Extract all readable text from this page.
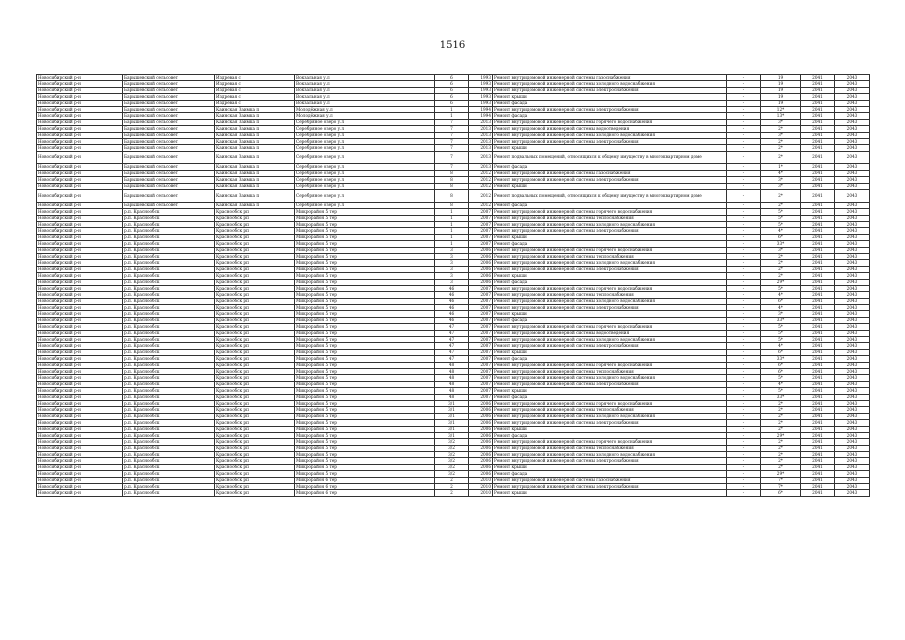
1516
Новосибирский р-н	Барышевский сельсовет	Издревая с	Вокзальная у.л	6	1993	Ремонт внутридомовой инженерной системы газоснабжения	-	19	2041	2043
Новосибирский р-н	Барышевский сельсовет	Издревая с	Вокзальная у.л	6	1993	Ремонт внутридомовой инженерной системы холодного водоснабжения	-	19	2041	2043
Новосибирский р-н	Барышевский сельсовет	Издревая с	Вокзальная у.л	6	1993	Ремонт внутридомовой инженерной системы электроснабжения	-	19	2041	2043
Новосибирский р-н	Барышевский сельсовет	Издревая с	Вокзальная у.л	6	1993	Ремонт крыши	-	19	2041	2043
Новосибирский р-н	Барышевский сельсовет	Издревая с	Вокзальная у.л	6	1993	Ремонт фасада	-	19	2041	2043
Новосибирский р-н	Барышевский сельсовет	Каинская Заимка п	Молодёжная у.л	1	1994	Ремонт внутридомовой инженерной системы электроснабжения	-	12*	2041	2043
Новосибирский р-н	Барышевский сельсовет	Каинская Заимка п	Молодёжная у.л	1	1994	Ремонт фасада	-	13*	2041	2043
Новосибирский р-н	Барышевский сельсовет	Каинская Заимка п	Серебряное озеро у.л	7	2013	Ремонт внутридомовой инженерной системы горячего водоснабжения	-	3*	2041	2043
Новосибирский р-н	Барышевский сельсовет	Каинская Заимка п	Серебряное озеро у.л	7	2013	Ремонт внутридомовой инженерной системы водоотведения	-	2*	2041	2043
Новосибирский р-н	Барышевский сельсовет	Каинская Заимка п	Серебряное озеро у.л	7	2013	Ремонт внутридомовой инженерной системы холодного водоснабжения	-	3*	2041	2043
Новосибирский р-н	Барышевский сельсовет	Каинская Заимка п	Серебряное озеро у.л	7	2013	Ремонт внутридомовой инженерной системы электроснабжения	-	2*	2041	2043
Новосибирский р-н	Барышевский сельсовет	Каинская Заимка п	Серебряное озеро у.л	7	2013	Ремонт крыши	-	2*	2041	2043
Новосибирский р-н	Барышевский сельсовет	Каинская Заимка п	Серебряное озеро у.л	7	2013	Ремонт подвальных помещений, относящихся к общему имуществу в многоквартирном доме	-	2*	2041	2043
Новосибирский р-н	Барышевский сельсовет	Каинская Заимка п	Серебряное озеро у.л	7	2013	Ремонт фасада	-	1*	2041	2043
Новосибирский р-н	Барышевский сельсовет	Каинская Заимка п	Серебряное озеро у.л	8	2012	Ремонт внутридомовой инженерной системы газоснабжения	-	4*	2041	2043
Новосибирский р-н	Барышевский сельсовет	Каинская Заимка п	Серебряное озеро у.л	8	2012	Ремонт внутридомовой инженерной системы электроснабжения	-	3*	2041	2043
Новосибирский р-н	Барышевский сельсовет	Каинская Заимка п	Серебряное озеро у.л	8	2012	Ремонт крыши	-	3*	2041	2043
Новосибирский р-н	Барышевский сельсовет	Каинская Заимка п	Серебряное озеро у.л	8	2012	Ремонт подвальных помещений, относящихся к общему имуществу в многоквартирном доме	-	2*	2041	2043
Новосибирский р-н	Барышевский сельсовет	Каинская Заимка п	Серебряное озеро у.л	8	2012	Ремонт фасада	-	2*	2041	2043
Новосибирский р-н	р.п. Краснообск	Краснообск рп	Микрорайон 5 тер	1	2007	Ремонт внутридомовой инженерной системы горячего водоснабжения	-	5*	2041	2043
Новосибирский р-н	р.п. Краснообск	Краснообск рп	Микрорайон 5 тер	1	2007	Ремонт внутридомовой инженерной системы теплоснабжения	-	5*	2041	2043
Новосибирский р-н	р.п. Краснообск	Краснообск рп	Микрорайон 5 тер	1	2007	Ремонт внутридомовой инженерной системы холодного водоснабжения	-	5*	2041	2043
Новосибирский р-н	р.п. Краснообск	Краснообск рп	Микрорайон 5 тер	1	2007	Ремонт внутридомовой инженерной системы электроснабжения	-	4*	2041	2043
Новосибирский р-н	р.п. Краснообск	Краснообск рп	Микрорайон 5 тер	1	2007	Ремонт крыши	-	6*	2041	2043
Новосибирский р-н	р.п. Краснообск	Краснообск рп	Микрорайон 5 тер	1	2007	Ремонт фасада	-	33*	2041	2043
Новосибирский р-н	р.п. Краснообск	Краснообск рп	Микрорайон 5 тер	3	2006	Ремонт внутридомовой инженерной системы горячего водоснабжения	-	3*	2041	2043
Новосибирский р-н	р.п. Краснообск	Краснообск рп	Микрорайон 5 тер	3	2006	Ремонт внутридомовой инженерной системы теплоснабжения	-	2*	2041	2043
Новосибирский р-н	р.п. Краснообск	Краснообск рп	Микрорайон 5 тер	3	2006	Ремонт внутридомовой инженерной системы холодного водоснабжения	-	2*	2041	2043
Новосибирский р-н	р.п. Краснообск	Краснообск рп	Микрорайон 5 тер	3	2006	Ремонт внутридомовой инженерной системы электроснабжения	-	2*	2041	2043
Новосибирский р-н	р.п. Краснообск	Краснообск рп	Микрорайон 5 тер	3	2006	Ремонт крыши	-	2*	2041	2043
Новосибирский р-н	р.п. Краснообск	Краснообск рп	Микрорайон 5 тер	3	2006	Ремонт фасада	-	29*	2041	2043
Новосибирский р-н	р.п. Краснообск	Краснообск рп	Микрорайон 5 тер	46	2007	Ремонт внутридомовой инженерной системы горячего водоснабжения	-	5*	2041	2043
Новосибирский р-н	р.п. Краснообск	Краснообск рп	Микрорайон 5 тер	46	2007	Ремонт внутридомовой инженерной системы теплоснабжения	-	4*	2041	2043
Новосибирский р-н	р.п. Краснообск	Краснообск рп	Микрорайон 5 тер	46	2007	Ремонт внутридомовой инженерной системы холодного водоснабжения	-	6*	2041	2043
Новосибирский р-н	р.п. Краснообск	Краснообск рп	Микрорайон 5 тер	46	2007	Ремонт внутридомовой инженерной системы электроснабжения	-	4*	2041	2043
Новосибирский р-н	р.п. Краснообск	Краснообск рп	Микрорайон 5 тер	46	2007	Ремонт крыши	-	3*	2041	2043
Новосибирский р-н	р.п. Краснообск	Краснообск рп	Микрорайон 5 тер	46	2007	Ремонт фасада	-	33*	2041	2043
Новосибирский р-н	р.п. Краснообск	Краснообск рп	Микрорайон 5 тер	47	2007	Ремонт внутридомовой инженерной системы горячего водоснабжения	-	5*	2041	2043
Новосибирский р-н	р.п. Краснообск	Краснообск рп	Микрорайон 5 тер	47	2007	Ремонт внутридомовой инженерной системы водоотведения	-	5*	2041	2043
Новосибирский р-н	р.п. Краснообск	Краснообск рп	Микрорайон 5 тер	47	2007	Ремонт внутридомовой инженерной системы холодного водоснабжения	-	5*	2041	2043
Новосибирский р-н	р.п. Краснообск	Краснообск рп	Микрорайон 5 тер	47	2007	Ремонт внутридомовой инженерной системы электроснабжения	-	4*	2041	2043
Новосибирский р-н	р.п. Краснообск	Краснообск рп	Микрорайон 5 тер	47	2007	Ремонт крыши	-	6*	2041	2043
Новосибирский р-н	р.п. Краснообск	Краснообск рп	Микрорайон 5 тер	47	2007	Ремонт фасада	-	33*	2041	2043
Новосибирский р-н	р.п. Краснообск	Краснообск рп	Микрорайон 5 тер	48	2007	Ремонт внутридомовой инженерной системы горячего водоснабжения	-	6*	2041	2043
Новосибирский р-н	р.п. Краснообск	Краснообск рп	Микрорайон 5 тер	48	2007	Ремонт внутридомовой инженерной системы теплоснабжения	-	6*	2041	2043
Новосибирский р-н	р.п. Краснообск	Краснообск рп	Микрорайон 5 тер	48	2007	Ремонт внутридомовой инженерной системы холодного водоснабжения	-	5*	2041	2043
Новосибирский р-н	р.п. Краснообск	Краснообск рп	Микрорайон 5 тер	48	2007	Ремонт внутридомовой инженерной системы электроснабжения	-	4*	2041	2043
Новосибирский р-н	р.п. Краснообск	Краснообск рп	Микрорайон 5 тер	48	2007	Ремонт крыши	-	5*	2041	2043
Новосибирский р-н	р.п. Краснообск	Краснообск рп	Микрорайон 5 тер	48	2007	Ремонт фасада	-	33*	2041	2043
Новосибирский р-н	р.п. Краснообск	Краснообск рп	Микрорайон 5 тер	3/1	2006	Ремонт внутридомовой инженерной системы горячего водоснабжения	-	2*	2041	2043
Новосибирский р-н	р.п. Краснообск	Краснообск рп	Микрорайон 5 тер	3/1	2006	Ремонт внутридомовой инженерной системы теплоснабжения	-	2*	2041	2043
Новосибирский р-н	р.п. Краснообск	Краснообск рп	Микрорайон 5 тер	3/1	2006	Ремонт внутридомовой инженерной системы холодного водоснабжения	-	2*	2041	2043
Новосибирский р-н	р.п. Краснообск	Краснообск рп	Микрорайон 5 тер	3/1	2006	Ремонт внутридомовой инженерной системы электроснабжения	-	2*	2041	2043
Новосибирский р-н	р.п. Краснообск	Краснообск рп	Микрорайон 5 тер	3/1	2006	Ремонт крыши	-	2*	2041	2043
Новосибирский р-н	р.п. Краснообск	Краснообск рп	Микрорайон 5 тер	3/1	2006	Ремонт фасада	-	29*	2041	2043
Новосибирский р-н	р.п. Краснообск	Краснообск рп	Микрорайон 5 тер	3/2	2006	Ремонт внутридомовой инженерной системы горячего водоснабжения	-	2*	2041	2043
Новосибирский р-н	р.п. Краснообск	Краснообск рп	Микрорайон 5 тер	3/2	2006	Ремонт внутридомовой инженерной системы теплоснабжения	-	2*	2041	2043
Новосибирский р-н	р.п. Краснообск	Краснообск рп	Микрорайон 5 тер	3/2	2006	Ремонт внутридомовой инженерной системы холодного водоснабжения	-	2*	2041	2043
Новосибирский р-н	р.п. Краснообск	Краснообск рп	Микрорайон 5 тер	3/2	2006	Ремонт внутридомовой инженерной системы электроснабжения	-	2*	2041	2043
Новосибирский р-н	р.п. Краснообск	Краснообск рп	Микрорайон 5 тер	3/2	2006	Ремонт крыши	-	2*	2041	2043
Новосибирский р-н	р.п. Краснообск	Краснообск рп	Микрорайон 5 тер	3/2	2006	Ремонт фасада	-	29*	2041	2043
Новосибирский р-н	р.п. Краснообск	Краснообск рп	Микрорайон 6 тер	2	2010	Ремонт внутридомовой инженерной системы газоснабжения	-	7*	2041	2043
Новосибирский р-н	р.п. Краснообск	Краснообск рп	Микрорайон 6 тер	2	2010	Ремонт внутридомовой инженерной системы электроснабжения	-	7*	2041	2043
Новосибирский р-н	р.п. Краснообск	Краснообск рп	Микрорайон 6 тер	2	2010	Ремонт крыши	-	6*	2041	2043
